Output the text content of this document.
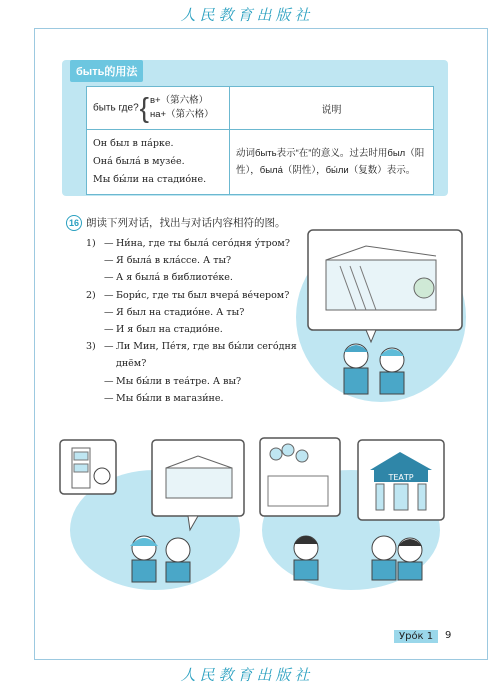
人民教育出版社
быть的用法
быть где?{в+（第六格）
на+（第六格）	说明

Он был в па́рке.

Она́ была́ в музе́е.

Мы бы́ли на стадио́не.	动词быть表示“在”的意义。过去时用был（阳性），была́（阴性），бы́ли（复数）表示。
16 朗读下列对话，找出与对话内容相符的图。
1) — Ни́на, где ты была́ сего́дня у́тром?
— Я была́ в кла́ссе. А ты?
— А я была́ в библиоте́ке.
2) — Бори́с, где ты был вчера́ ве́чером?
— Я был на стадио́не. А ты?
— И я был на стадио́не.
3) — Ли Мин, Пе́тя, где вы бы́ли сего́дня
днём?
— Мы бы́ли в теа́тре. А вы?
— Мы бы́ли в магази́не.
ТЕАТР
Уро́к 1	9
人民教育出版社
